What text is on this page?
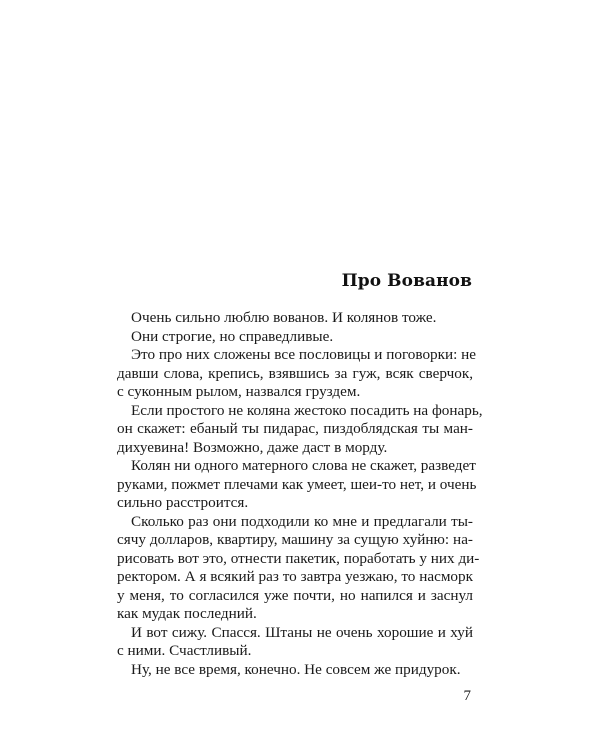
Про Вованов

Очень сильно люблю вованов. И колянов тоже.

Они строгие, но справедливые.

Это про них сложены все пословицы и поговорки: не
давши слова, крепись, взявшись за гуж, всяк сверчок,
с суконным рылом, назвался груздем.

Если простого не коляна жестоко посадить на фонарь,
он скажет: ебаный ты пидарас, пиздоблядская ты ман-
дихуевина! Возможно, даже даст в морду.

Колян ни одного матерного слова не скажет, разведет
руками, пожмет плечами как умеет, шеи-то нет, и очень
сильно расстроится.

Сколько раз они подходили ко мне и предлагали ты-
сячу долларов, квартиру, машину за сущую хуйню: на-
рисовать вот это, отнести пакетик, поработать у них ди-
ректором. А я всякий раз то завтра уезжаю, то насморк
у меня, то согласился уже почти, но напился и заснул
как мудак последний.

И вот сижу. Спасся. Штаны не очень хорошие и хуй
с ними. Счастливый.

Ну, не все время, конечно. Не совсем же придурок.

7
